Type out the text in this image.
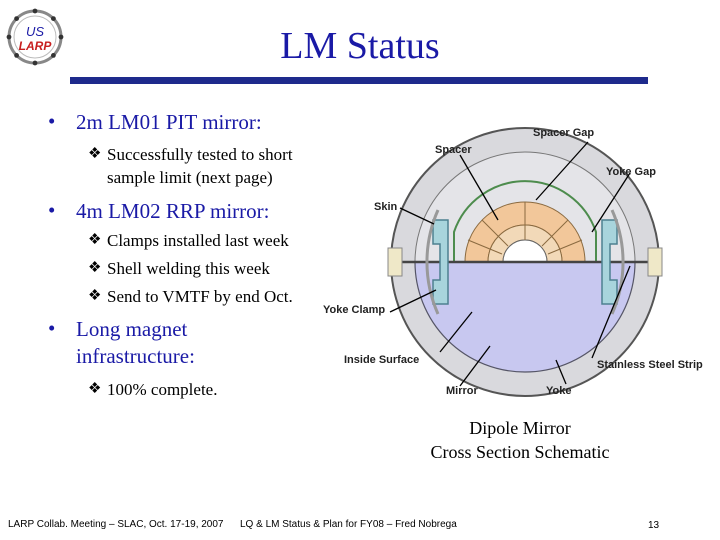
US
LARP	LM Status
• 2m LM01 PIT mirror:
❖ Successfully tested to short
sample limit (next page)
• 4m LM02 RRP mirror:
❖ Clamps installed last week
❖ Shell welding this week
❖ Send to VMTF by end Oct.
• Long magnet
infrastructure:
❖ 100% complete.
Spacer Gap
Spacer
Yoke Gap
Skin
Yoke Clamp
Inside Surface	Stainless Steel Strip
Mirror	Yoke
Dipole Mirror
Cross Section Schematic
LARP Collab. Meeting – SLAC, Oct. 17-19, 2007 LQ & LM Status & Plan for FY08 – Fred Nobrega	13
